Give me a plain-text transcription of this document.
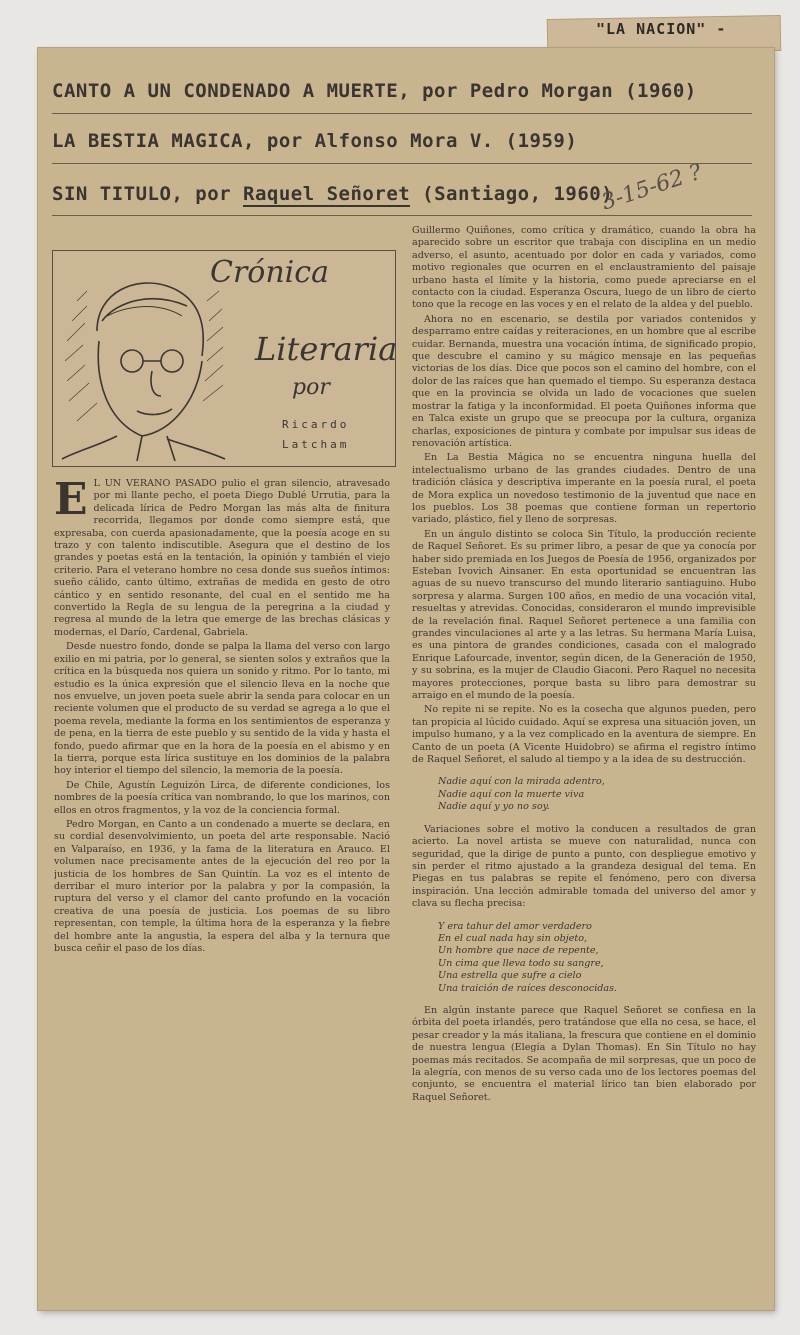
"LA NACION" -
CANTO A UN CONDENADO A MUERTE, por Pedro Morgan (1960)
LA BESTIA MAGICA, por Alfonso Mora V. (1959)
SIN TITULO, por Raquel Señoret (Santiago, 1960)
3-15-62 ?
Crónica
Literaria
por
Ricardo
Latcham

E L UN VERANO PASADO pulio el gran silencio, atravesado por mi llante pecho, el poeta Diego Dublé Urrutia, para la delicada lírica de Pedro Morgan las más alta de finitura recorrida, llegamos por donde como siempre está, que expresaba, con cuerda apasionadamente, que la poesía acoge en su trazo y con talento indiscutible. Asegura que el destino de los grandes y poetas está en la tentación, la opinión y también el viejo criterio. Para el veterano hombre no cesa donde sus sueños íntimos: sueño cálido, canto último, extrañas de medida en gesto de otro cántico y en sentido resonante, del cual en el sentido me ha convertido la Regla de su lengua de la peregrina a la ciudad y regresa al mundo de la letra que emerge de las brechas clásicas y modernas, el Darío, Cardenal, Gabriela.

Desde nuestro fondo, donde se palpa la llama del verso con largo exilio en mi patria, por lo general, se sienten solos y extraños que la crítica en la búsqueda nos quiera un sonido y ritmo. Por lo tanto, mi estudio es la única expresión que el silencio lleva en la noche que nos envuelve, un joven poeta suele abrir la senda para colocar en un reciente volumen que el producto de su verdad se agrega a lo que el poema revela, mediante la forma en los sentimientos de esperanza y de pena, en la tierra de este pueblo y su sentido de la vida y hasta el fondo, puedo afirmar que en la hora de la poesía en el abismo y en la tierra, porque esta lírica sustituye en los dominios de la palabra hoy interior el tiempo del silencio, la memoria de la poesía.

De Chile, Agustín Leguizón Lirca, de diferente condiciones, los nombres de la poesía crítica van nombrando, lo que los marinos, con ellos en otros fragmentos, y la voz de la conciencia formal.

Pedro Morgan, en Canto a un condenado a muerte se declara, en su cordial desenvolvimiento, un poeta del arte responsable. Nació en Valparaíso, en 1936, y la fama de la literatura en Arauco. El volumen nace precisamente antes de la ejecución del reo por la justicia de los hombres de San Quintín. La voz es el intento de derribar el muro interior por la palabra y por la compasión, la ruptura del verso y el clamor del canto profundo en la vocación creativa de una poesía de justicia. Los poemas de su libro representan, con temple, la última hora de la esperanza y la fiebre del hombre ante la angustia, la espera del alba y la ternura que busca ceñir el paso de los días.

Guillermo Quiñones, como crítica y dramático, cuando la obra ha aparecido sobre un escritor que trabaja con disciplina en un medio adverso, el asunto, acentuado por dolor en cada y variados, como motivo regionales que ocurren en el enclaustramiento del paisaje urbano hasta el límite y la historia, como puede apreciarse en el contacto con la ciudad. Esperanza Oscura, luego de un libro de cierto tono que la recoge en las voces y en el relato de la aldea y del pueblo.

Ahora no en escenario, se destila por variados contenidos y desparramo entre caídas y reiteraciones, en un hombre que al escribe cuidar. Bernanda, muestra una vocación íntima, de significado propio, que descubre el camino y su mágico mensaje en las pequeñas victorias de los días. Dice que pocos son el camino del hombre, con el dolor de las raíces que han quemado el tiempo. Su esperanza destaca que en la provincia se olvida un lado de vocaciones que suelen mostrar la fatiga y la inconformidad. El poeta Quiñones informa que en Talca existe un grupo que se preocupa por la cultura, organiza charlas, exposiciones de pintura y combate por impulsar sus ideas de renovación artística.

En La Bestia Mágica no se encuentra ninguna huella del intelectualismo urbano de las grandes ciudades. Dentro de una tradición clásica y descriptiva imperante en la poesía rural, el poeta de Mora explica un novedoso testimonio de la juventud que nace en los pueblos. Los 38 poemas que contiene forman un repertorio variado, plástico, fiel y lleno de sorpresas.

En un ángulo distinto se coloca Sin Título, la producción reciente de Raquel Señoret. Es su primer libro, a pesar de que ya conocía por haber sido premiada en los Juegos de Poesía de 1956, organizados por Esteban Ivovich Ainsaner. En esta oportunidad se encuentran las aguas de su nuevo transcurso del mundo literario santiaguino. Hubo sorpresa y alarma. Surgen 100 años, en medio de una vocación vital, resueltas y atrevidas. Conocidas, consideraron el mundo imprevisible de la revelación final. Raquel Señoret pertenece a una familia con grandes vinculaciones al arte y a las letras. Su hermana María Luisa, es una pintora de grandes condiciones, casada con el malogrado Enrique Lafourcade, inventor, según dicen, de la Generación de 1950, y su sobrina, es la mujer de Claudio Giaconi. Pero Raquel no necesita mayores protecciones, porque basta su libro para demostrar su arraigo en el mundo de la poesía.

No repite ni se repite. No es la cosecha que algunos pueden, pero tan propicia al lúcido cuidado. Aquí se expresa una situación joven, un impulso humano, y a la vez complicado en la aventura de siempre. En Canto de un poeta (A Vicente Huidobro) se afirma el registro íntimo de Raquel Señoret, el saludo al tiempo y a la idea de su destrucción.

Nadie aquí con la mirada adentro,
Nadie aquí con la muerte viva
Nadie aquí y yo no soy.

Variaciones sobre el motivo la conducen a resultados de gran acierto. La novel artista se mueve con naturalidad, nunca con seguridad, que la dirige de punto a punto, con despliegue emotivo y sin perder el ritmo ajustado a la grandeza desigual del tema. En Piegas en tus palabras se repite el fenómeno, pero con diversa inspiración. Una lección admirable tomada del universo del amor y clava su flecha precisa:

Y era tahur del amor verdadero
En el cual nada hay sin objeto,
Un hombre que nace de repente,
Un cima que lleva todo su sangre,
Una estrella que sufre a cielo
Una traición de raíces desconocidas.

En algún instante parece que Raquel Señoret se confiesa en la órbita del poeta irlandés, pero tratándose que ella no cesa, se hace, el pesar creador y la más italiana, la frescura que contiene en el dominio de nuestra lengua (Elegía a Dylan Thomas). En Sin Título no hay poemas más recitados. Se acompaña de mil sorpresas, que un poco de la alegría, con menos de su verso cada uno de los lectores poemas del conjunto, se encuentra el material lírico tan bien elaborado por Raquel Señoret.
